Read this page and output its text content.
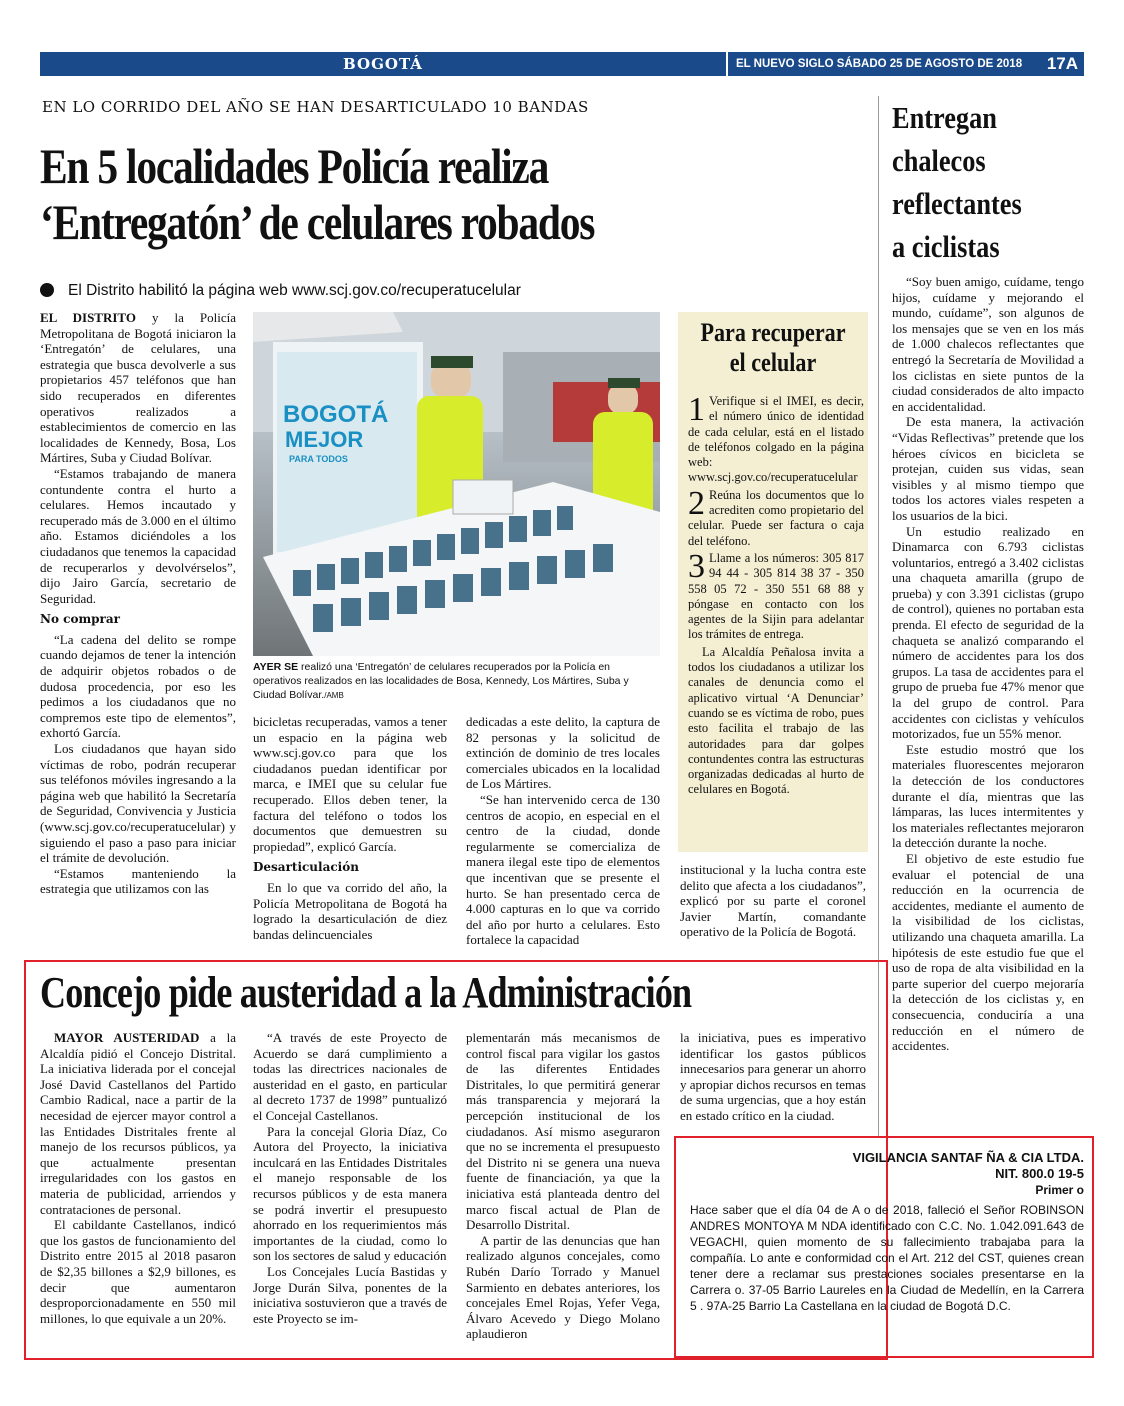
BOGOTÁ	EL NUEVO SIGLO SÁBADO 25 DE AGOSTO DE 2018 17A
EN LO CORRIDO DEL AÑO SE HAN DESARTICULADO 10 BANDAS
En 5 localidades Policía realiza
‘Entregatón’ de celulares robados
El Distrito habilitó la página web www.scj.gov.co/recuperatucelular

EL DISTRITO y la Policía Metropolitana de Bogotá iniciaron la ‘Entregatón’ de celulares, una estrategia que busca devolverle a sus propietarios 457 teléfonos que han sido recuperados en diferentes operativos realizados a establecimientos de comercio en las localidades de Kennedy, Bosa, Los Mártires, Suba y Ciudad Bolívar.

“Estamos trabajando de manera contundente contra el hurto a celulares. Hemos incautado y recuperado más de 3.000 en el último año. Estamos diciéndoles a los ciudadanos que tenemos la capacidad de recuperarlos y devolvérselos”, dijo Jairo García, secretario de Seguridad.

No comprar

“La cadena del delito se rompe cuando dejamos de tener la intención de adquirir objetos robados o de dudosa procedencia, por eso les pedimos a los ciudadanos que no compremos este tipo de elementos”, exhortó García.

Los ciudadanos que hayan sido víctimas de robo, podrán recuperar sus teléfonos móviles ingresando a la página web que habilitó la Secretaría de Seguridad, Convivencia y Justicia (www.scj.gov.co/recuperatucelular) y siguiendo el paso a paso para iniciar el trámite de devolución.

“Estamos manteniendo la estrategia que utilizamos con las

BOGOTÁ
MEJOR
PARA TODOS
AYER SE realizó una ‘Entregatón’ de celulares recuperados por la Policía en operativos realizados en las localidades de Bosa, Kennedy, Los Mártires, Suba y Ciudad Bolívar./AMB

bicicletas recuperadas, vamos a tener un espacio en la página web www.scj.gov.co para que los ciudadanos puedan identificar por marca, e IMEI que su celular fue recuperado. Ellos deben tener, la factura del teléfono o todos los documentos que demuestren su propiedad”, explicó García.

Desarticulación

En lo que va corrido del año, la Policía Metropolitana de Bogotá ha logrado la desarticulación de diez bandas delincuenciales

dedicadas a este delito, la captura de 82 personas y la solicitud de extinción de dominio de tres locales comerciales ubicados en la localidad de Los Mártires.

“Se han intervenido cerca de 130 centros de acopio, en especial en el centro de la ciudad, donde regularmente se comercializa de manera ilegal este tipo de elementos que incentivan que se presente el hurto. Se han presentado cerca de 4.000 capturas en lo que va corrido del año por hurto a celulares. Esto fortalece la capacidad

Para recuperar
el celular
1 Verifique si el IMEI, es decir, el número único de identidad de cada celular, está en el listado de teléfonos colgado en la página web: www.scj.gov.co/recuperatucelular
2 Reúna los documentos que lo acrediten como propietario del celular. Puede ser factura o caja del teléfono.
3 Llame a los números: 305 817 94 44 - 305 814 38 37 - 350 558 05 72 - 350 551 68 88 y póngase en contacto con los agentes de la Sijin para adelantar los trámites de entrega.

La Alcaldía Peñalosa invita a todos los ciudadanos a utilizar los canales de denuncia como el aplicativo virtual ‘A Denunciar’ cuando se es víctima de robo, pues esto facilita el trabajo de las autoridades para dar golpes contundentes contra las estructuras organizadas dedicadas al hurto de celulares en Bogotá.

institucional y la lucha contra este delito que afecta a los ciudadanos”, explicó por su parte el coronel Javier Martín, comandante operativo de la Policía de Bogotá.

Entregan
chalecos
reflectantes
a ciclistas

“Soy buen amigo, cuídame, tengo hijos, cuídame y mejorando el mundo, cuídame”, son algunos de los mensajes que se ven en los más de 1.000 chalecos reflectantes que entregó la Secretaría de Movilidad a los ciclistas en siete puntos de la ciudad considerados de alto impacto en accidentalidad.

De esta manera, la activación “Vidas Reflectivas” pretende que los héroes cívicos en bicicleta se protejan, cuiden sus vidas, sean visibles y al mismo tiempo que todos los actores viales respeten a los usuarios de la bici.

Un estudio realizado en Dinamarca con 6.793 ciclistas voluntarios, entregó a 3.402 ciclistas una chaqueta amarilla (grupo de prueba) y con 3.391 ciclistas (grupo de control), quienes no portaban esta prenda. El efecto de seguridad de la chaqueta se analizó comparando el número de accidentes para los dos grupos. La tasa de accidentes para el grupo de prueba fue 47% menor que la del grupo de control. Para accidentes con ciclistas y vehículos motorizados, fue un 55% menor.

Este estudio mostró que los materiales fluorescentes mejoraron la detección de los conductores durante el día, mientras que las lámparas, las luces intermitentes y los materiales reflectantes mejoraron la detección durante la noche.

El objetivo de este estudio fue evaluar el potencial de una reducción en la ocurrencia de accidentes, mediante el aumento de la visibilidad de los ciclistas, utilizando una chaqueta amarilla. La hipótesis de este estudio fue que el uso de ropa de alta visibilidad en la parte superior del cuerpo mejoraría la detección de los ciclistas y, en consecuencia, conduciría a una reducción en el número de accidentes.

Concejo pide austeridad a la Administración

MAYOR AUSTERIDAD a la Alcaldía pidió el Concejo Distrital. La iniciativa liderada por el concejal José David Castellanos del Partido Cambio Radical, nace a partir de la necesidad de ejercer mayor control a las Entidades Distritales frente al manejo de los recursos públicos, ya que actualmente presentan irregularidades con los gastos en materia de publicidad, arriendos y contrataciones de personal.

El cabildante Castellanos, indicó que los gastos de funcionamiento del Distrito entre 2015 al 2018 pasaron de $2,35 billones a $2,9 billones, es decir que aumentaron desproporcionadamente en 550 mil millones, lo que equivale a un 20%.

“A través de este Proyecto de Acuerdo se dará cumplimiento a todas las directrices nacionales de austeridad en el gasto, en particular al decreto 1737 de 1998” puntualizó el Concejal Castellanos.

Para la concejal Gloria Díaz, Co Autora del Proyecto, la iniciativa inculcará en las Entidades Distritales el manejo responsable de los recursos públicos y de esta manera se podrá invertir el presupuesto ahorrado en los requerimientos más importantes de la ciudad, como lo son los sectores de salud y educación

Los Concejales Lucía Bastidas y Jorge Durán Silva, ponentes de la iniciativa sostuvieron que a través de este Proyecto se im-

plementarán más mecanismos de control fiscal para vigilar los gastos de las diferentes Entidades Distritales, lo que permitirá generar más transparencia y mejorará la percepción institucional de los ciudadanos. Así mismo asegurаron que no se incrementa el presupuesto del Distrito ni se genera una nueva fuente de financiación, ya que la iniciativa está planteada dentro del marco fiscal actual de Plan de Desarrollo Distrital.

A partir de las denuncias que han realizado algunos concejales, como Rubén Darío Torrado y Manuel Sarmiento en debates anteriores, los concejales Emel Rojas, Yefer Vega, Álvaro Acevedo y Diego Molano aplaudieron

la iniciativa, pues es imperativo identificar los gastos públicos innecesarios para generar un ahorro y apropiar dichos recursos en temas de suma urgencias, que a hoy están en estado crítico en la ciudad.

VIGILANCIA SANTAF ÑA & CIA LTDA.
NIT. 800.0 19-5
Primer o
Hace saber que el día 04 de A o de 2018, falleció el Señor ROBINSON ANDRES MONTOYA M NDA identificado con C.C. No. 1.042.091.643 de VEGACHI, quien momento de su fallecimiento trabajaba para la compañía. Lo ante e conformidad con el Art. 212 del CST, quienes crean tener dere a reclamar sus prestaciones sociales presentarse en la Carrera o. 37-05 Barrio Laureles en la Ciudad de Medellín, en la Carrera 5 . 97A-25 Barrio La Castellana en la ciudad de Bogotá D.C.
